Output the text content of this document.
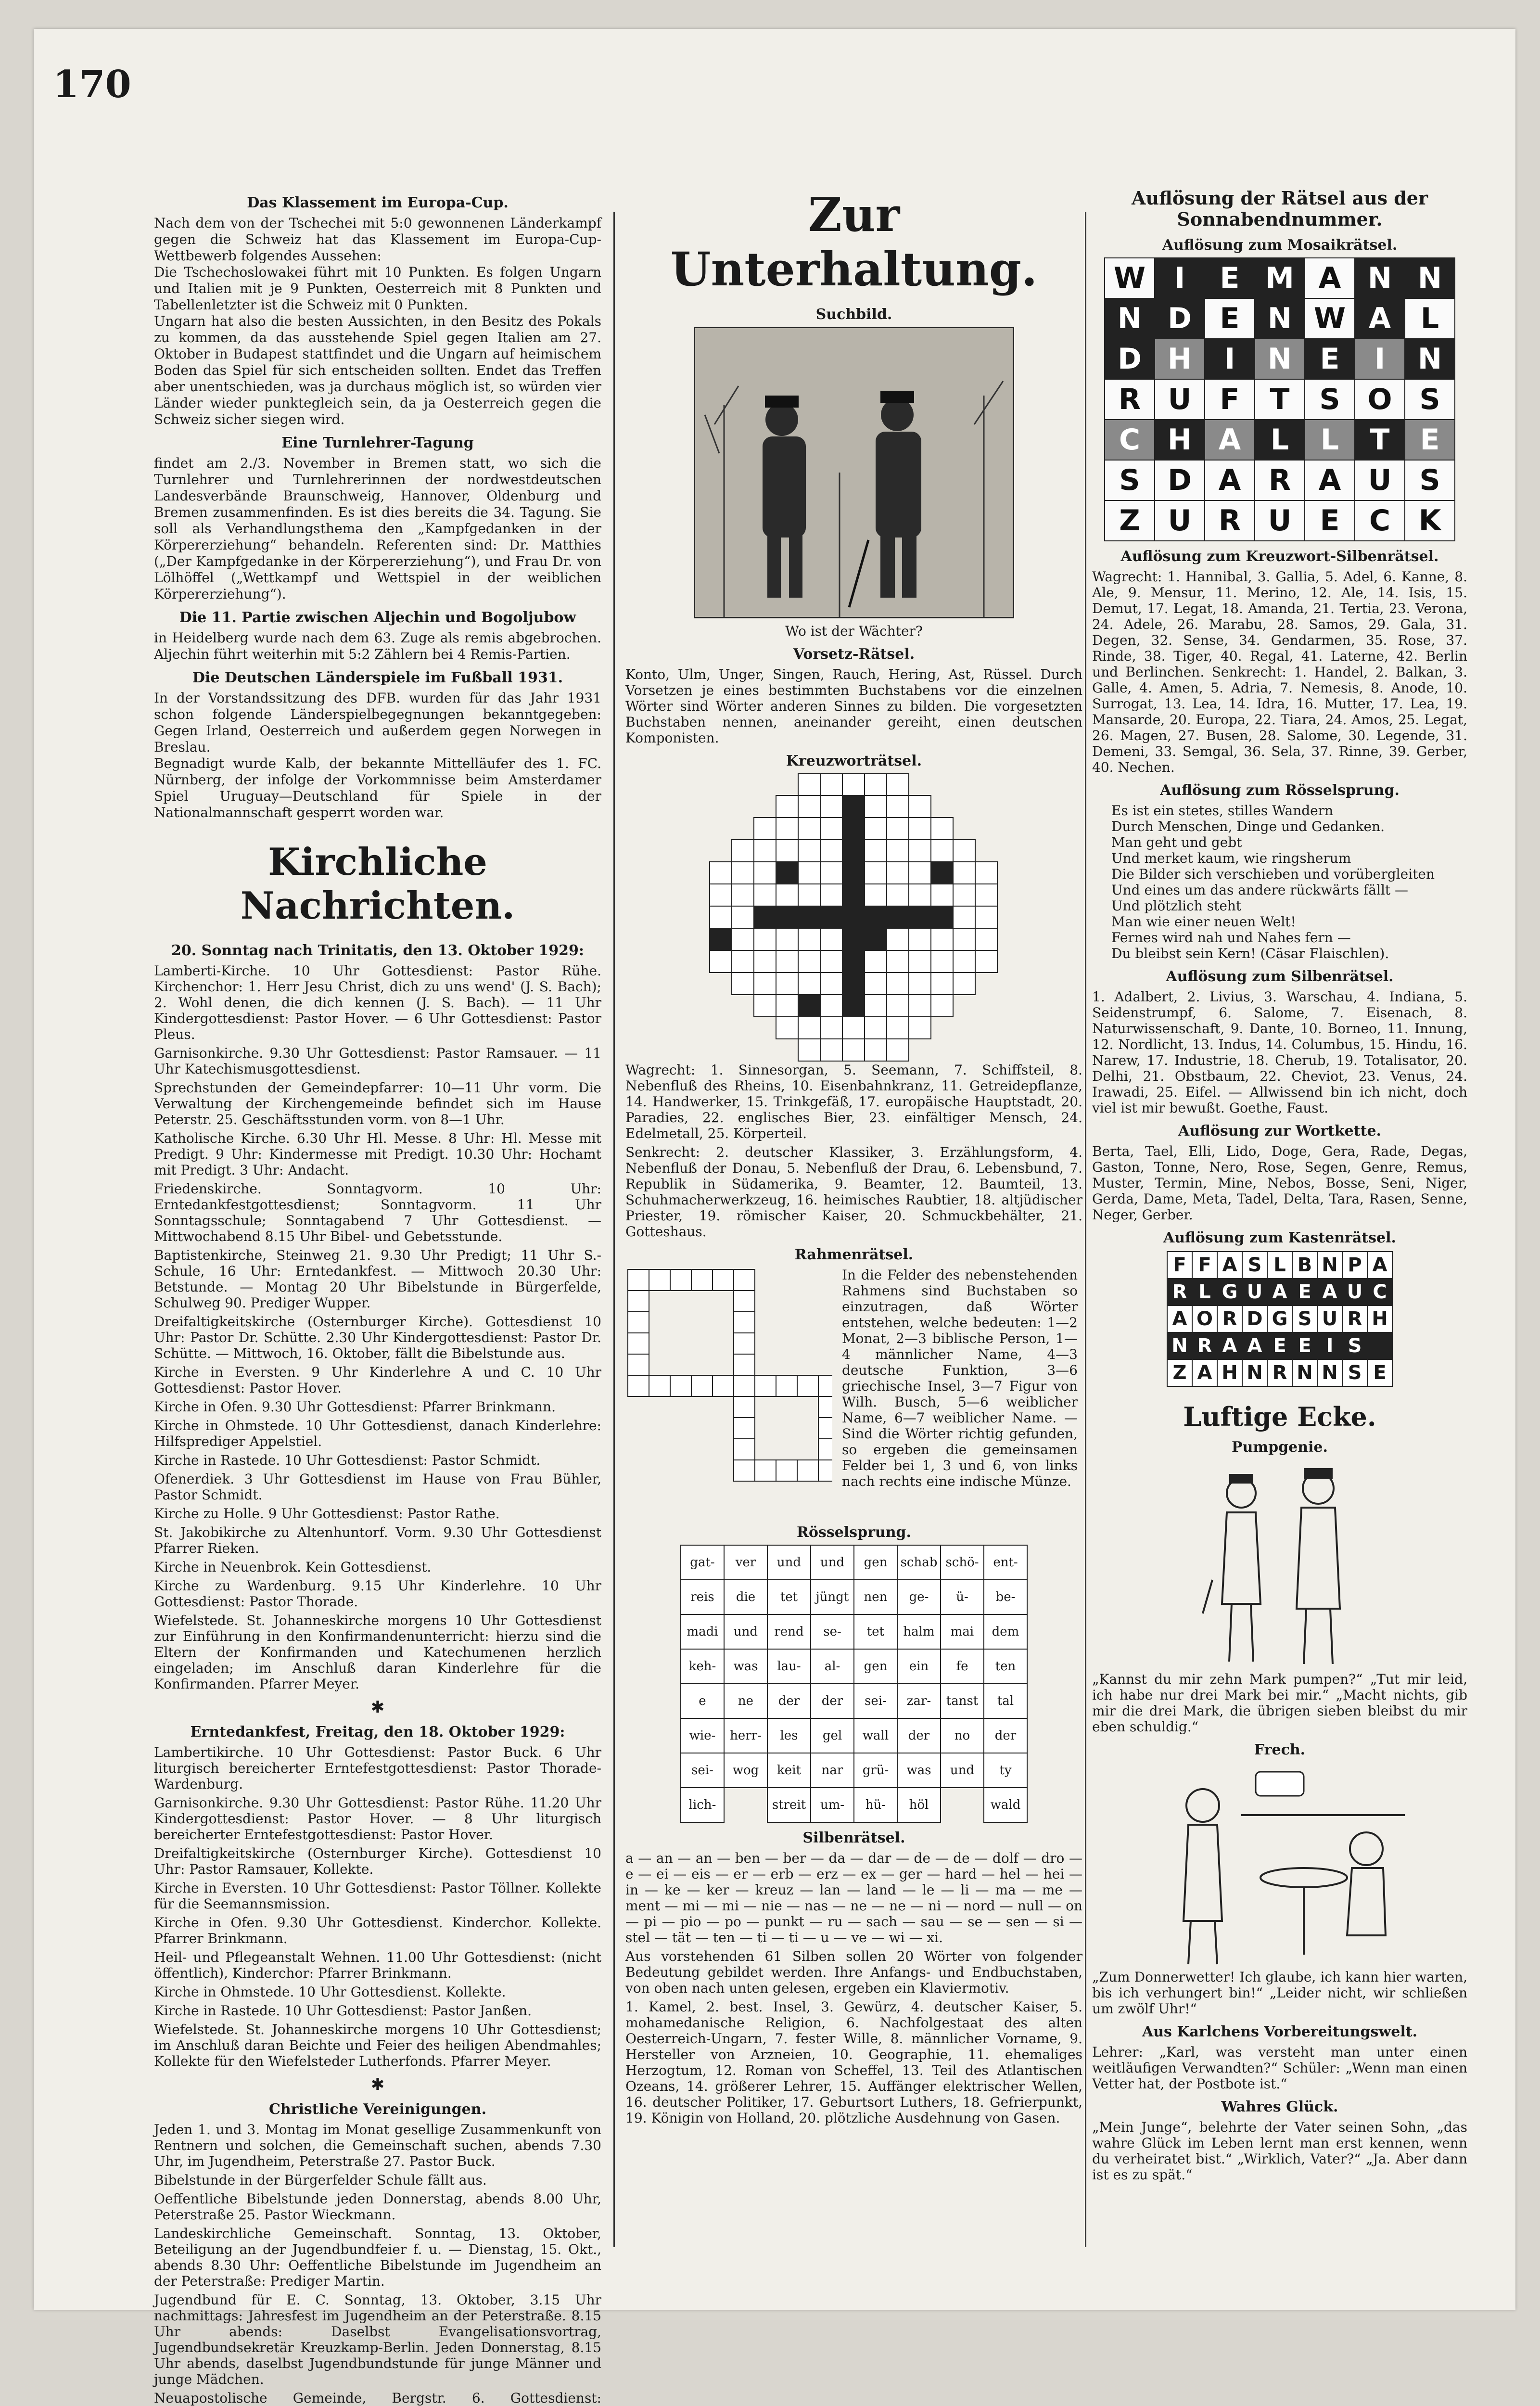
170
Das Klassement im Europa-Cup.

Nach dem von der Tschechei mit 5:0 gewonnenen Länderkampf gegen die Schweiz hat das Klassement im Europa-Cup-Wettbewerb folgendes Aussehen:

Die Tschechoslowakei führt mit 10 Punkten. Es folgen Ungarn und Italien mit je 9 Punkten, Oesterreich mit 8 Punkten und Tabellenletzter ist die Schweiz mit 0 Punkten.

Ungarn hat also die besten Aussichten, in den Besitz des Pokals zu kommen, da das ausstehende Spiel gegen Italien am 27. Oktober in Budapest stattfindet und die Ungarn auf heimischem Boden das Spiel für sich entscheiden sollten. Endet das Treffen aber unentschieden, was ja durchaus möglich ist, so würden vier Länder wieder punktegleich sein, da ja Oesterreich gegen die Schweiz sicher siegen wird.

Eine Turnlehrer-Tagung

findet am 2./3. November in Bremen statt, wo sich die Turnlehrer und Turnlehrerinnen der nordwestdeutschen Landesverbände Braunschweig, Hannover, Oldenburg und Bremen zusammenfinden. Es ist dies bereits die 34. Tagung. Sie soll als Verhandlungsthema den „Kampfgedanken in der Körpererziehung“ behandeln. Referenten sind: Dr. Matthies („Der Kampfgedanke in der Körpererziehung“), und Frau Dr. von Lölhöffel („Wettkampf und Wettspiel in der weiblichen Körpererziehung“).

Die 11. Partie zwischen Aljechin und Bogoljubow

in Heidelberg wurde nach dem 63. Zuge als remis abgebrochen. Aljechin führt weiterhin mit 5:2 Zählern bei 4 Remis-Partien.

Die Deutschen Länderspiele im Fußball 1931.

In der Vorstandssitzung des DFB. wurden für das Jahr 1931 schon folgende Länderspielbegegnungen bekanntgegeben: Gegen Irland, Oesterreich und außerdem gegen Norwegen in Breslau.

Begnadigt wurde Kalb, der bekannte Mittelläufer des 1. FC. Nürnberg, der infolge der Vorkommnisse beim Amsterdamer Spiel Uruguay—Deutschland für Spiele in der Nationalmannschaft gesperrt worden war.

Kirchliche Nachrichten.
20. Sonntag nach Trinitatis, den 13. Oktober 1929:

Lamberti-Kirche. 10 Uhr Gottesdienst: Pastor Rühe. Kirchenchor: 1. Herr Jesu Christ, dich zu uns wend' (J. S. Bach); 2. Wohl denen, die dich kennen (J. S. Bach). — 11 Uhr Kindergottesdienst: Pastor Hover. — 6 Uhr Gottesdienst: Pastor Pleus.

Garnisonkirche. 9.30 Uhr Gottesdienst: Pastor Ramsauer. — 11 Uhr Katechismusgottesdienst.

Sprechstunden der Gemeindepfarrer: 10—11 Uhr vorm. Die Verwaltung der Kirchengemeinde befindet sich im Hause Peterstr. 25. Geschäftsstunden vorm. von 8—1 Uhr.

Katholische Kirche. 6.30 Uhr Hl. Messe. 8 Uhr: Hl. Messe mit Predigt. 9 Uhr: Kindermesse mit Predigt. 10.30 Uhr: Hochamt mit Predigt. 3 Uhr: Andacht.

Friedenskirche. Sonntagvorm. 10 Uhr: Erntedankfestgottesdienst; Sonntagvorm. 11 Uhr Sonntagsschule; Sonntagabend 7 Uhr Gottesdienst. — Mittwochabend 8.15 Uhr Bibel- und Gebetsstunde.

Baptistenkirche, Steinweg 21. 9.30 Uhr Predigt; 11 Uhr S.-Schule, 16 Uhr: Erntedankfest. — Mittwoch 20.30 Uhr: Betstunde. — Montag 20 Uhr Bibelstunde in Bürgerfelde, Schulweg 90. Prediger Wupper.

Dreifaltigkeitskirche (Osternburger Kirche). Gottesdienst 10 Uhr: Pastor Dr. Schütte. 2.30 Uhr Kindergottesdienst: Pastor Dr. Schütte. — Mittwoch, 16. Oktober, fällt die Bibelstunde aus.

Kirche in Eversten. 9 Uhr Kinderlehre A und C. 10 Uhr Gottesdienst: Pastor Hover.

Kirche in Ofen. 9.30 Uhr Gottesdienst: Pfarrer Brinkmann.

Kirche in Ohmstede. 10 Uhr Gottesdienst, danach Kinderlehre: Hilfsprediger Appelstiel.

Kirche in Rastede. 10 Uhr Gottesdienst: Pastor Schmidt.

Ofenerdiek. 3 Uhr Gottesdienst im Hause von Frau Bühler, Pastor Schmidt.

Kirche zu Holle. 9 Uhr Gottesdienst: Pastor Rathe.

St. Jakobikirche zu Altenhuntorf. Vorm. 9.30 Uhr Gottesdienst Pfarrer Rieken.

Kirche in Neuenbrok. Kein Gottesdienst.

Kirche zu Wardenburg. 9.15 Uhr Kinderlehre. 10 Uhr Gottesdienst: Pastor Thorade.

Wiefelstede. St. Johanneskirche morgens 10 Uhr Gottesdienst zur Einführung in den Konfirmandenunterricht: hierzu sind die Eltern der Konfirmanden und Katechumenen herzlich eingeladen; im Anschluß daran Kinderlehre für die Konfirmanden. Pfarrer Meyer.

✱
Erntedankfest, Freitag, den 18. Oktober 1929:

Lambertikirche. 10 Uhr Gottesdienst: Pastor Buck. 6 Uhr liturgisch bereicherter Erntefestgottesdienst: Pastor Thorade-Wardenburg.

Garnisonkirche. 9.30 Uhr Gottesdienst: Pastor Rühe. 11.20 Uhr Kindergottesdienst: Pastor Hover. — 8 Uhr liturgisch bereicherter Erntefestgottesdienst: Pastor Hover.

Dreifaltigkeitskirche (Osternburger Kirche). Gottesdienst 10 Uhr: Pastor Ramsauer, Kollekte.

Kirche in Eversten. 10 Uhr Gottesdienst: Pastor Töllner. Kollekte für die Seemannsmission.

Kirche in Ofen. 9.30 Uhr Gottesdienst. Kinderchor. Kollekte. Pfarrer Brinkmann.

Heil- und Pflegeanstalt Wehnen. 11.00 Uhr Gottesdienst: (nicht öffentlich), Kinderchor: Pfarrer Brinkmann.

Kirche in Ohmstede. 10 Uhr Gottesdienst. Kollekte.

Kirche in Rastede. 10 Uhr Gottesdienst: Pastor Janßen.

Wiefelstede. St. Johanneskirche morgens 10 Uhr Gottesdienst; im Anschluß daran Beichte und Feier des heiligen Abendmahles; Kollekte für den Wiefelsteder Lutherfonds. Pfarrer Meyer.

✱
Christliche Vereinigungen.

Jeden 1. und 3. Montag im Monat gesellige Zusammenkunft von Rentnern und solchen, die Gemeinschaft suchen, abends 7.30 Uhr, im Jugendheim, Peterstraße 27. Pastor Buck.

Bibelstunde in der Bürgerfelder Schule fällt aus.

Oeffentliche Bibelstunde jeden Donnerstag, abends 8.00 Uhr, Peterstraße 25. Pastor Wieckmann.

Landeskirchliche Gemeinschaft. Sonntag, 13. Oktober, Beteiligung an der Jugendbundfeier f. u. — Dienstag, 15. Okt., abends 8.30 Uhr: Oeffentliche Bibelstunde im Jugendheim an der Peterstraße: Prediger Martin.

Jugendbund für E. C. Sonntag, 13. Oktober, 3.15 Uhr nachmittags: Jahresfest im Jugendheim an der Peterstraße. 8.15 Uhr abends: Daselbst Evangelisationsvortrag, Jugendbundsekretär Kreuzkamp-Berlin. Jeden Donnerstag, 8.15 Uhr abends, daselbst Jugendbundstunde für junge Männer und junge Mädchen.

Neuapostolische Gemeinde, Bergstr. 6. Gottesdienst:

Zur Unterhaltung.
Suchbild.
Wo ist der Wächter?
Vorsetz-Rätsel.

Konto, Ulm, Unger, Singen, Rauch, Hering, Ast, Rüssel. Durch Vorsetzen je eines bestimmten Buchstabens vor die einzelnen Wörter sind Wörter anderen Sinnes zu bilden. Die vorgesetzten Buchstaben nennen, aneinander gereiht, einen deutschen Komponisten.

Kreuzworträtsel.

Wagrecht: 1. Sinnesorgan, 5. Seemann, 7. Schiffsteil, 8. Nebenfluß des Rheins, 10. Eisenbahnkranz, 11. Getreidepflanze, 14. Handwerker, 15. Trinkgefäß, 17. europäische Hauptstadt, 20. Paradies, 22. englisches Bier, 23. einfältiger Mensch, 24. Edelmetall, 25. Körperteil.

Senkrecht: 2. deutscher Klassiker, 3. Erzählungsform, 4. Nebenfluß der Donau, 5. Nebenfluß der Drau, 6. Lebensbund, 7. Republik in Südamerika, 9. Beamter, 12. Baumteil, 13. Schuhmacherwerkzeug, 16. heimisches Raubtier, 18. altjüdischer Priester, 19. römischer Kaiser, 20. Schmuckbehälter, 21. Gotteshaus.

Rahmenrätsel.

In die Felder des nebenstehenden Rahmens sind Buchstaben so einzutragen, daß Wörter entstehen, welche bedeuten: 1—2 Monat, 2—3 biblische Person, 1—4 männlicher Name, 4—3 deutsche Funktion, 3—6 griechische Insel, 3—7 Figur von Wilh. Busch, 5—6 weiblicher Name, 6—7 weiblicher Name. — Sind die Wörter richtig gefunden, so ergeben die gemeinsamen Felder bei 1, 3 und 6, von links nach rechts eine indische Münze.

Rösselsprung.
gat-	ver	und	und	gen	schab	schö-	ent-
reis	die	tet	jüngt	nen	ge-	ü-	be-
madi	und	rend	se-	tet	halm	mai	dem
keh-	was	lau-	al-	gen	ein	fe	ten
e	ne	der	der	sei-	zar-	tanst	tal
wie-	herr-	les	gel	wall	der	no	der
sei-	wog	keit	nar	grü-	was	und	ty
lich-		streit	um-	hü-	höl		wald
Silbenrätsel.

a — an — an — ben — ber — da — dar — de — de — dolf — dro — e — ei — eis — er — erb — erz — ex — ger — hard — hel — hei — in — ke — ker — kreuz — lan — land — le — li — ma — me — ment — mi — mi — nie — nas — ne — ne — ni — nord — null — on — pi — pio — po — punkt — ru — sach — sau — se — sen — si — stel — tät — ten — ti — ti — u — ve — wi — xi.

Aus vorstehenden 61 Silben sollen 20 Wörter von folgender Bedeutung gebildet werden. Ihre Anfangs- und Endbuchstaben, von oben nach unten gelesen, ergeben ein Klaviermotiv.

1. Kamel, 2. best. Insel, 3. Gewürz, 4. deutscher Kaiser, 5. mohamedanische Religion, 6. Nachfolgestaat des alten Oesterreich-Ungarn, 7. fester Wille, 8. männlicher Vorname, 9. Hersteller von Arzneien, 10. Geographie, 11. ehemaliges Herzogtum, 12. Roman von Scheffel, 13. Teil des Atlantischen Ozeans, 14. größerer Lehrer, 15. Auffänger elektrischer Wellen, 16. deutscher Politiker, 17. Geburtsort Luthers, 18. Gefrierpunkt, 19. Königin von Holland, 20. plötzliche Ausdehnung von Gasen.

Auflösung der Rätsel aus der Sonnabendnummer.
Auflösung zum Mosaikrätsel.
W	I	E	M	A	N	N
N	D	E	N	W	A	L
D	H	I	N	E	I	N
R	U	F	T	S	O	S
C	H	A	L	L	T	E
S	D	A	R	A	U	S
Z	U	R	U	E	C	K
Auflösung zum Kreuzwort-Silbenrätsel.

Wagrecht: 1. Hannibal, 3. Gallia, 5. Adel, 6. Kanne, 8. Ale, 9. Mensur, 11. Merino, 12. Ale, 14. Isis, 15. Demut, 17. Legat, 18. Amanda, 21. Tertia, 23. Verona, 24. Adele, 26. Marabu, 28. Samos, 29. Gala, 31. Degen, 32. Sense, 34. Gendarmen, 35. Rose, 37. Rinde, 38. Tiger, 40. Regal, 41. Laterne, 42. Berlin und Berlinchen. Senkrecht: 1. Handel, 2. Balkan, 3. Galle, 4. Amen, 5. Adria, 7. Nemesis, 8. Anode, 10. Surrogat, 13. Lea, 14. Idra, 16. Mutter, 17. Lea, 19. Mansarde, 20. Europa, 22. Tiara, 24. Amos, 25. Legat, 26. Magen, 27. Busen, 28. Salome, 30. Legende, 31. Demeni, 33. Semgal, 36. Sela, 37. Rinne, 39. Gerber, 40. Nechen.

Auflösung zum Rösselsprung.
Es ist ein stetes, stilles Wandern
Durch Menschen, Dinge und Gedanken.
Man geht und gebt
Und merket kaum, wie ringsherum
Die Bilder sich verschieben und vorübergleiten
Und eines um das andere rückwärts fällt —
Und plötzlich steht
Man wie einer neuen Welt!
Fernes wird nah und Nahes fern —
Du bleibst sein Kern! (Cäsar Flaischlen).
Auflösung zum Silbenrätsel.

1. Adalbert, 2. Livius, 3. Warschau, 4. Indiana, 5. Seidenstrumpf, 6. Salome, 7. Eisenach, 8. Naturwissenschaft, 9. Dante, 10. Borneo, 11. Innung, 12. Nordlicht, 13. Indus, 14. Columbus, 15. Hindu, 16. Narew, 17. Industrie, 18. Cherub, 19. Totalisator, 20. Delhi, 21. Obstbaum, 22. Cheviot, 23. Venus, 24. Irawadi, 25. Eifel. — Allwissend bin ich nicht, doch viel ist mir bewußt. Goethe, Faust.

Auflösung zur Wortkette.

Berta, Tael, Elli, Lido, Doge, Gera, Rade, Degas, Gaston, Tonne, Nero, Rose, Segen, Genre, Remus, Muster, Termin, Mine, Nebos, Bosse, Seni, Niger, Gerda, Dame, Meta, Tadel, Delta, Tara, Rasen, Senne, Neger, Gerber.

Auflösung zum Kastenrätsel.
F	F	A	S	L	B	N	P	A
R	L	G	U	A	E	A	U	C
A	O	R	D	G	S	U	R	H
N	R	A	A	E	E	I	S	
Z	A	H	N	R	N	N	S	E
Luftige Ecke.
Pumpgenie.

„Kannst du mir zehn Mark pumpen?“ „Tut mir leid, ich habe nur drei Mark bei mir.“ „Macht nichts, gib mir die drei Mark, die übrigen sieben bleibst du mir eben schuldig.“

Frech.

„Zum Donnerwetter! Ich glaube, ich kann hier warten, bis ich verhungert bin!“ „Leider nicht, wir schließen um zwölf Uhr!“

Aus Karlchens Vorbereitungswelt.

Lehrer: „Karl, was versteht man unter einen weitläufigen Verwandten?“ Schüler: „Wenn man einen Vetter hat, der Postbote ist.“

Wahres Glück.

„Mein Junge“, belehrte der Vater seinen Sohn, „das wahre Glück im Leben lernt man erst kennen, wenn du verheiratet bist.“ „Wirklich, Vater?“ „Ja. Aber dann ist es zu spät.“
